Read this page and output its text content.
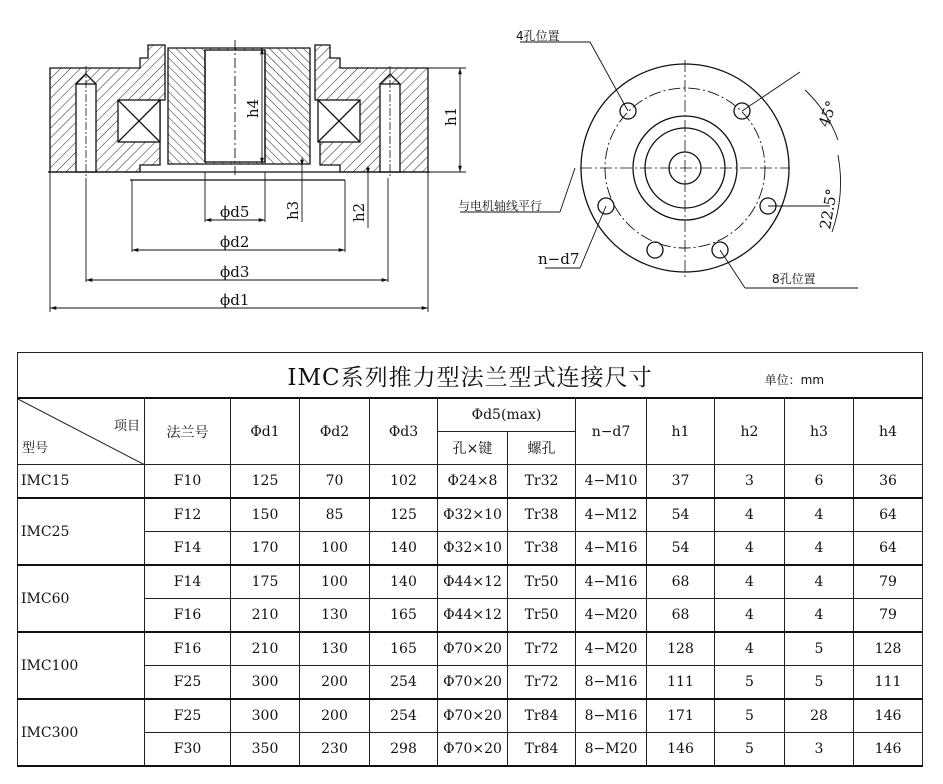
ϕd5
ϕd2
ϕd3
ϕd1
h1
h4
h3	h2
4孔位置
45°
与电机轴线平行	22.5°
n−d7
8孔位置
IMC系列推力型法兰型式连接尺寸 单位：mm											

项目
型号	法兰号	Φd1	Φd2	Φd3	Φd5(max)		n−d7	h1	h2	h3	h4
					孔×键	螺孔					
IMC15	F10	125	70	102	Φ24×8	Tr32	4−M10	37	3	6	36
IMC25	F12	150	85	125	Φ32×10	Tr38	4−M12	54	4	4	64
	F14	170	100	140	Φ32×10	Tr38	4−M16	54	4	4	64
IMC60	F14	175	100	140	Φ44×12	Tr50	4−M16	68	4	4	79
	F16	210	130	165	Φ44×12	Tr50	4−M20	68	4	4	79
IMC100	F16	210	130	165	Φ70×20	Tr72	4−M20	128	4	5	128
	F25	300	200	254	Φ70×20	Tr72	8−M16	111	5	5	111
IMC300	F25	300	200	254	Φ70×20	Tr84	8−M16	171	5	28	146
	F30	350	230	298	Φ70×20	Tr84	8−M20	146	5	3	146
